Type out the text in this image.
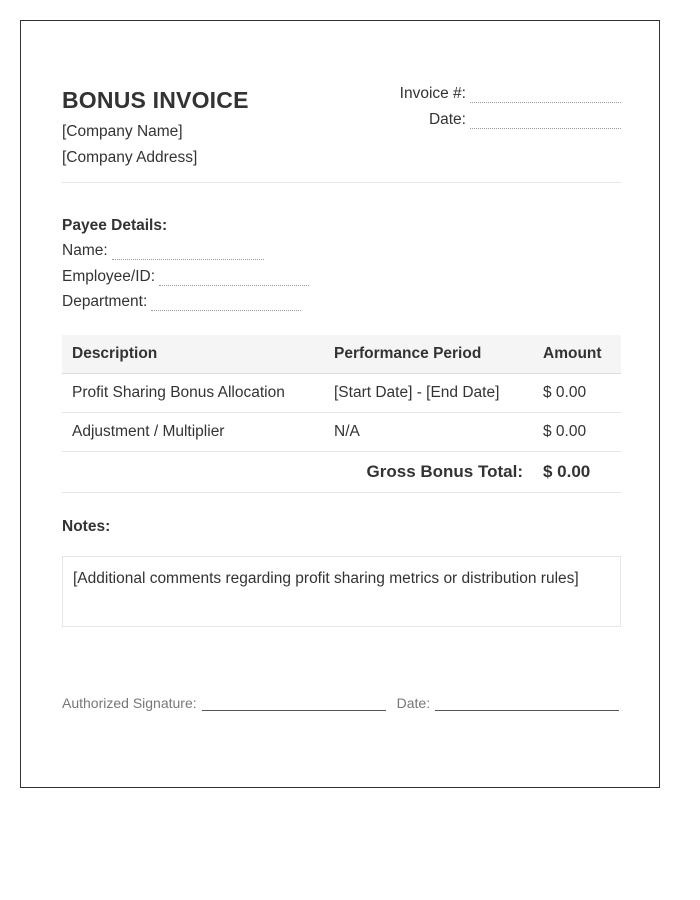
BONUS INVOICE
[Company Name]
[Company Address]
Invoice #:
Date:
Payee Details:
Name:
Employee/ID:
Department:
Description	Performance Period	Amount
Profit Sharing Bonus Allocation	[Start Date] - [End Date]	$ 0.00
Adjustment / Multiplier	N/A	$ 0.00
Gross Bonus Total:		$ 0.00
Notes:
[Additional comments regarding profit sharing metrics or distribution rules]
Authorized Signature:	Date:
